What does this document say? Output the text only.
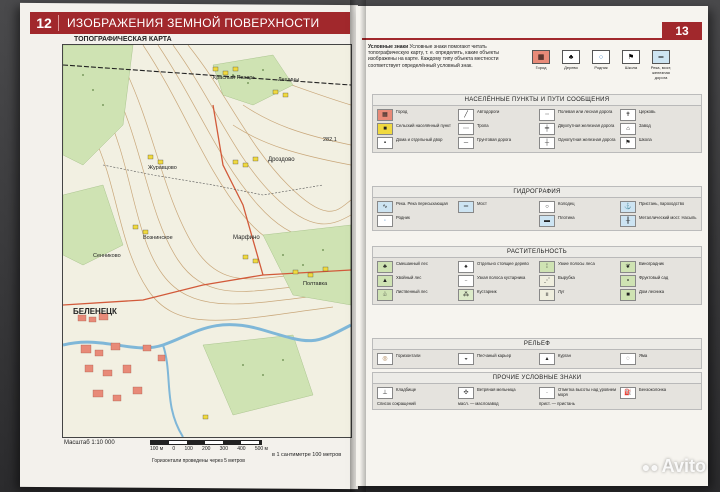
12	ИЗОБРАЖЕНИЯ ЗЕМНОЙ ПОВЕРХНОСТИ
ТОПОГРАФИЧЕСКАЯ КАРТА
Красный Пахарь	Лешины
Журавцово
Дроздово
Вознинское
Сенниково
Марфино
Полтавка
БЕЛЕНЕЦК
282,1
Масштаб 1:10 000
100 м 0 100 200 300 400 500 м
Горизонтали проведены через 5 метров
в 1 сантиметре 100 метров
13
Условные знаки Условные знаки помогают читать топографическую карту, т. е. определять, какие объекты изображены на карте. Каждому типу объекта местности соответствует определённый условный знак.
▦
Город
♣
Дерево
○
Родник
⚑
Школа
═
Река, мост, железная дорога
НАСЕЛЁННЫЕ ПУНКТЫ И ПУТИ СООБЩЕНИЯ
▦	Город	╱	Автодороги	┄	Полевая или лесная дорога	✝	Церковь
■	Сельский населённый пункт	⋯	Тропа	╪	Двухпутная железная дорога	⌂	Завод
▪	Дома и отдельный двор	─	Грунтовая дорога	┼	Однопутная железная дорога	⚑	Школа
ГИДРОГРАФИЯ
∿	Река. Река пересыхающая	═	Мост	○	Колодец	⚓	Пристань, пароходство
◦	Родник	▬	Плотина	╫	Металлический мост. Насыпь
РАСТИТЕЛЬНОСТЬ
♣	Смешанный лес	♠	Отдельно стоящее дерево	⁞	Узкие полосы леса	❦	Виноградник
▲	Хвойный лес	∙∙	Узкая полоса кустарника	⋰	Вырубка	∘	Фруктовый сад
♧	Лиственный лес	⁂	Кустарник	ıı	Луг	■	Дом лесника
РЕЛЬЕФ
◎	Горизонтали	◒	Песчаный карьер	▴	Курган	◌	Яма
ПРОЧИЕ УСЛОВНЫЕ ЗНАКИ
⊥	Кладбище	✣	Ветряная мельница	·	Отметка высоты над уровнем моря	⛽	Бензоколонка
Список сокращений	масл. — маслозавод	прист. — пристань
●● Avito
